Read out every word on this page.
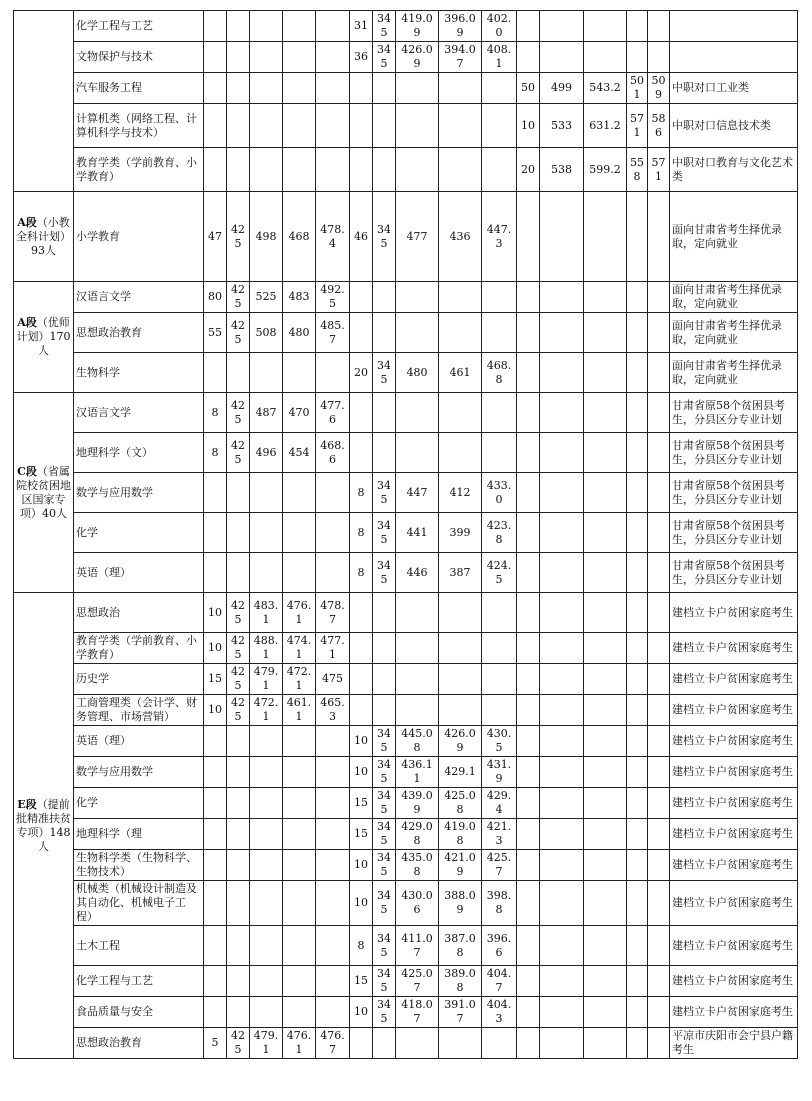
	化学工程与工艺						31	345	419.09	396.09	402.0						
	文物保护与技术						36	345	426.09	394.07	408.1						
	汽车服务工程											50	499	543.2	501	509	中职对口工业类
	计算机类（网络工程、计算机科学与技术）											10	533	631.2	571	586	中职对口信息技术类
	教育学类（学前教育、小学教育）											20	538	599.2	558	571	中职对口教育与文化艺术类
A段（小教全科计划）93人	小学教育	47	425	498	468	478.4	46	345	477	436	447.3						面向甘肃省考生择优录取，定向就业
A段（优师计划）170人	汉语言文学	80	425	525	483	492.5											面向甘肃省考生择优录取，定向就业
	思想政治教育	55	425	508	480	485.7											面向甘肃省考生择优录取，定向就业
	生物科学						20	345	480	461	468.8						面向甘肃省考生择优录取，定向就业
C段（省属院校贫困地区国家专项）40人	汉语言文学	8	425	487	470	477.6											甘肃省原58个贫困县考生，分县区分专业计划
	地理科学（文）	8	425	496	454	468.6											甘肃省原58个贫困县考生，分县区分专业计划
	数学与应用数学						8	345	447	412	433.0						甘肃省原58个贫困县考生，分县区分专业计划
	化学						8	345	441	399	423.8						甘肃省原58个贫困县考生，分县区分专业计划
	英语（理）						8	345	446	387	424.5						甘肃省原58个贫困县考生，分县区分专业计划
E段（提前批精准扶贫专项）148人	思想政治	10	425	483.1	476.1	478.7											建档立卡户贫困家庭考生
	教育学类（学前教育、小学教育）	10	425	488.1	474.1	477.1											建档立卡户贫困家庭考生
	历史学	15	425	479.1	472.1	475											建档立卡户贫困家庭考生
	工商管理类（会计学、财务管理、市场营销）	10	425	472.1	461.1	465.3											建档立卡户贫困家庭考生
	英语（理）						10	345	445.08	426.09	430.5						建档立卡户贫困家庭考生
	数学与应用数学						10	345	436.11	429.1	431.9						建档立卡户贫困家庭考生
	化学						15	345	439.09	425.08	429.4						建档立卡户贫困家庭考生
	地理科学（理						15	345	429.08	419.08	421.3						建档立卡户贫困家庭考生
	生物科学类（生物科学、生物技术）						10	345	435.08	421.09	425.7						建档立卡户贫困家庭考生
	机械类（机械设计制造及其自动化、机械电子工程）						10	345	430.06	388.09	398.8						建档立卡户贫困家庭考生
	土木工程						8	345	411.07	387.08	396.6						建档立卡户贫困家庭考生
	化学工程与工艺						15	345	425.07	389.08	404.7						建档立卡户贫困家庭考生
	食品质量与安全						10	345	418.07	391.07	404.3						建档立卡户贫困家庭考生
	思想政治教育	5	425	479.1	476.1	476.7											平凉市庆阳市会宁县户籍考生
